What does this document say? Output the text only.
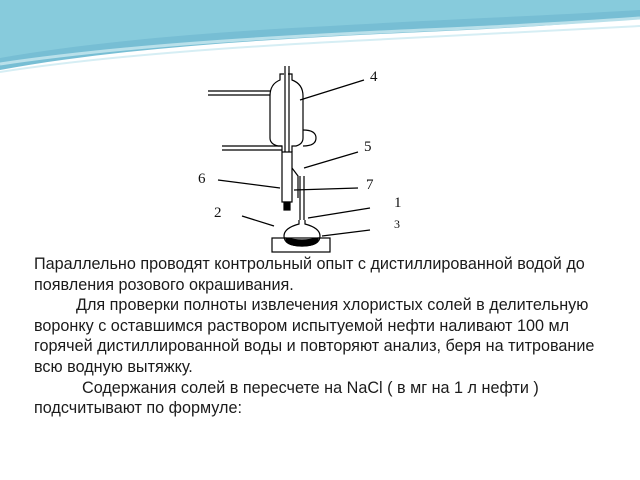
4
5
6	7
2
1
3

Параллельно проводят контрольный опыт с дистиллированной водой до появления розового окрашивания.

Для проверки полноты извлечения хлористых солей в делительную воронку с оставшимся раствором испытуемой нефти наливают 100 мл горячей дистиллированной воды и повторяют анализ, беря на титрование всю водную вытяжку.

Содержания солей в пересчете на NaCl ( в мг на 1 л нефти ) подсчитывают по формуле:
